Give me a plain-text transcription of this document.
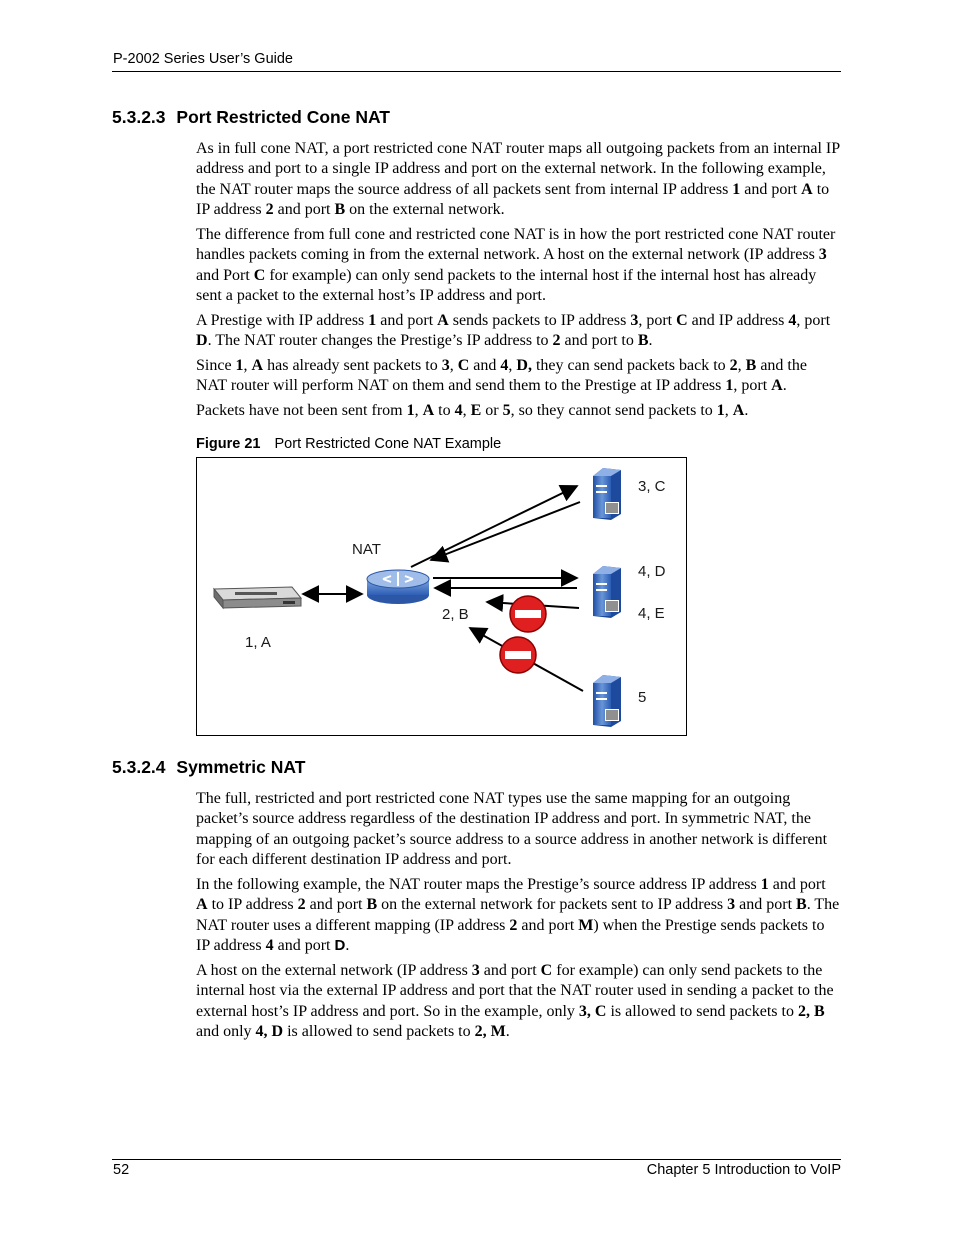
P-2002 Series User’s Guide
5.3.2.3 Port Restricted Cone NAT
As in full cone NAT, a port restricted cone NAT router maps all outgoing packets from an internal IP address and port to a single IP address and port on the external network. In the following example, the NAT router maps the source address of all packets sent from internal IP address 1 and port A to IP address 2 and port B on the external network.
The difference from full cone and restricted cone NAT is in how the port restricted cone NAT router handles packets coming in from the external network. A host on the external network (IP address 3 and Port C for example) can only send packets to the internal host if the internal host has already sent a packet to the external host’s IP address and port.
A Prestige with IP address 1 and port A sends packets to IP address 3, port C and IP address 4, port D. The NAT router changes the Prestige’s IP address to 2 and port to B.
Since 1, A has already sent packets to 3, C and 4, D, they can send packets back to 2, B and the NAT router will perform NAT on them and send them to the Prestige at IP address 1, port A.
Packets have not been sent from 1, A to 4, E or 5, so they cannot send packets to 1, A.
Figure 21 Port Restricted Cone NAT Example
NAT
1, A
2, B
3, C
4, D
4, E
5
5.3.2.4 Symmetric NAT
The full, restricted and port restricted cone NAT types use the same mapping for an outgoing packet’s source address regardless of the destination IP address and port. In symmetric NAT, the mapping of an outgoing packet’s source address to a source address in another network is different for each different destination IP address and port.
In the following example, the NAT router maps the Prestige’s source address IP address 1 and port A to IP address 2 and port B on the external network for packets sent to IP address 3 and port B. The NAT router uses a different mapping (IP address 2 and port M) when the Prestige sends packets to IP address 4 and port D.
A host on the external network (IP address 3 and port C for example) can only send packets to the internal host via the external IP address and port that the NAT router used in sending a packet to the external host’s IP address and port. So in the example, only 3, C is allowed to send packets to 2, B and only 4, D is allowed to send packets to 2, M.
52	Chapter 5 Introduction to VoIP
